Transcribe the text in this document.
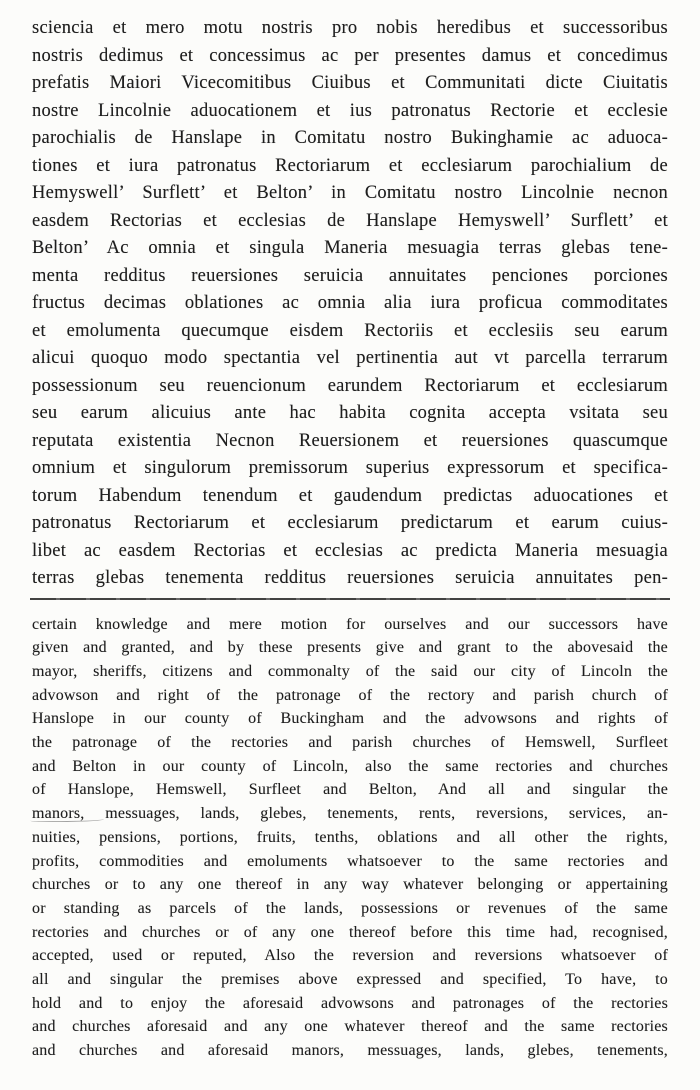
sciencia et mero motu nostris pro nobis heredibus et successoribus
nostris dedimus et concessimus ac per presentes damus et concedimus
prefatis Maiori Vicecomitibus Ciuibus et Communitati dicte Ciuitatis
nostre Lincolnie aduocationem et ius patronatus Rectorie et ecclesie
parochialis de Hanslape in Comitatu nostro Bukinghamie ac aduoca-
tiones et iura patronatus Rectoriarum et ecclesiarum parochialium de
Hemyswell’ Surflett’ et Belton’ in Comitatu nostro Lincolnie necnon
easdem Rectorias et ecclesias de Hanslape Hemyswell’ Surflett’ et
Belton’ Ac omnia et singula Maneria mesuagia terras glebas tene-
menta redditus reuersiones seruicia annuitates penciones porciones
fructus decimas oblationes ac omnia alia iura proficua commoditates
et emolumenta quecumque eisdem Rectoriis et ecclesiis seu earum
alicui quoquo modo spectantia vel pertinentia aut vt parcella terrarum
possessionum seu reuencionum earundem Rectoriarum et ecclesiarum
seu earum alicuius ante hac habita cognita accepta vsitata seu
reputata existentia Necnon Reuersionem et reuersiones quascumque
omnium et singulorum premissorum superius expressorum et specifica-
torum Habendum tenendum et gaudendum predictas aduocationes et
patronatus Rectoriarum et ecclesiarum predictarum et earum cuius-
libet ac easdem Rectorias et ecclesias ac predicta Maneria mesuagia
terras glebas tenementa redditus reuersiones seruicia annuitates pen-
certain knowledge and mere motion for ourselves and our successors have
given and granted, and by these presents give and grant to the abovesaid the
mayor, sheriffs, citizens and commonalty of the said our city of Lincoln the
advowson and right of the patronage of the rectory and parish church of
Hanslope in our county of Buckingham and the advowsons and rights of
the patronage of the rectories and parish churches of Hemswell, Surfleet
and Belton in our county of Lincoln, also the same rectories and churches
of Hanslope, Hemswell, Surfleet and Belton, And all and singular the
manors, messuages, lands, glebes, tenements, rents, reversions, services, an-
nuities, pensions, portions, fruits, tenths, oblations and all other the rights,
profits, commodities and emoluments whatsoever to the same rectories and
churches or to any one thereof in any way whatever belonging or appertaining
or standing as parcels of the lands, possessions or revenues of the same
rectories and churches or of any one thereof before this time had, recognised,
accepted, used or reputed, Also the reversion and reversions whatsoever of
all and singular the premises above expressed and specified, To have, to
hold and to enjoy the aforesaid advowsons and patronages of the rectories
and churches aforesaid and any one whatever thereof and the same rectories
and churches and aforesaid manors, messuages, lands, glebes, tenements,
